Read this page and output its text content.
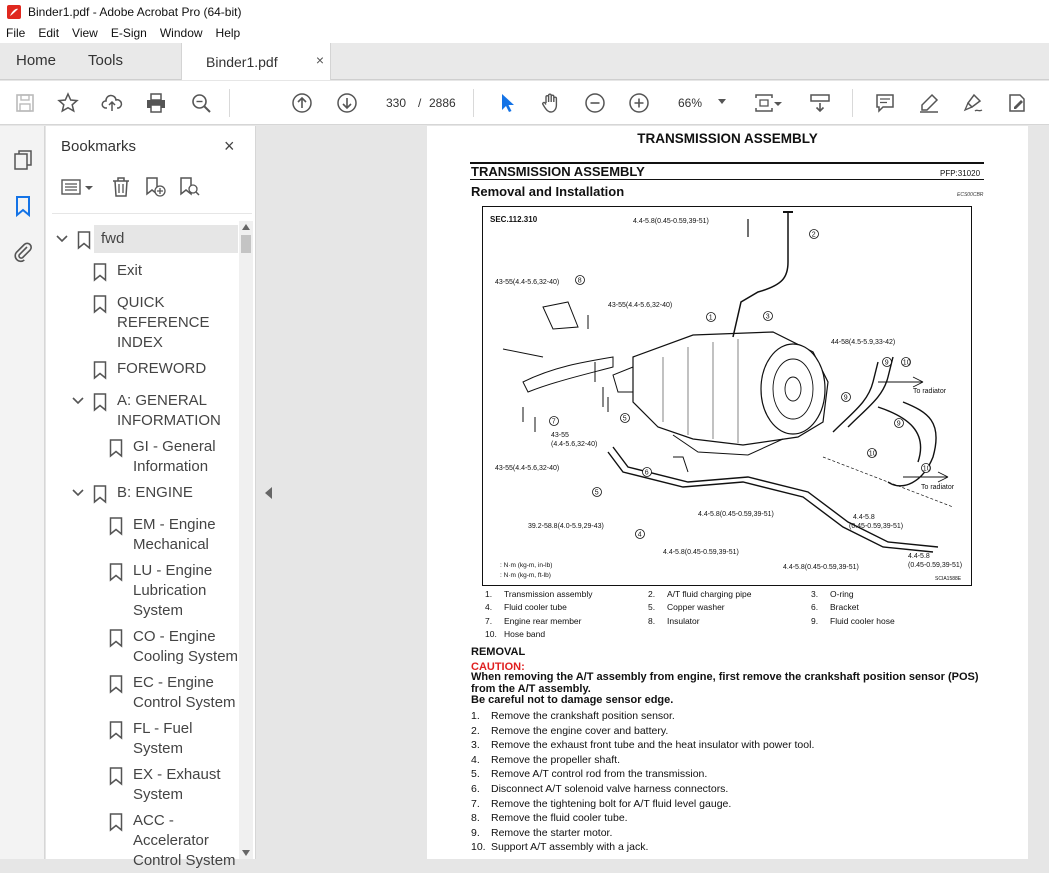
Binder1.pdf - Adobe Acrobat Pro (64-bit)
File Edit View E-Sign Window Help
Home Tools	Binder1.pdf	×
330 / 2886	66%
Bookmarks	×
fwd
Exit
QUICK REFERENCE INDEX
FOREWORD
A: GENERAL INFORMATION
GI - General Information
B: ENGINE
EM - Engine Mechanical
LU - Engine Lubrication System
CO - Engine Cooling System
EC - Engine Control System
FL - Fuel System
EX - Exhaust System
ACC - Accelerator Control System
TRANSMISSION ASSEMBLY
TRANSMISSION ASSEMBLY	PFP:31020
Removal and Installation	ECS00CBR
SEC.112.310	4.4-5.8(0.45-0.59,39-51)
43-55(4.4-5.6,32-40)
43-55(4.4-5.6,32-40)
44-58(4.5-5.9,33-42)
43-55
(4.4-5.6,32-40)
43-55(4.4-5.6,32-40)
39.2-58.8(4.0-5.9,29-43)
4.4-5.8(0.45-0.59,39-51)
4.4-5.8(0.45-0.59,39-51)
4.4-5.8
(0.45-0.59,39-51)
4.4-5.8
(0.45-0.59,39-51)
4.4-5.8(0.45-0.59,39-51)
To radiator
To radiator
: N·m (kg-m, in-lb)
: N·m (kg-m, ft-lb)	SCIA1588E
2
8
1	3
9 10
7	5
9
9
10
10
6
5
4
1. Transmission assembly	2. A/T fluid charging pipe	3. O-ring
4. Fluid cooler tube	5. Copper washer	6. Bracket
7. Engine rear member	8. Insulator	9. Fluid cooler hose
10. Hose band
REMOVAL
CAUTION:
When removing the A/T assembly from engine, first remove the crankshaft position sensor (POS) from the A/T assembly.
Be careful not to damage sensor edge.
1. Remove the crankshaft position sensor.
2. Remove the engine cover and battery.
3. Remove the exhaust front tube and the heat insulator with power tool.
4. Remove the propeller shaft.
5. Remove A/T control rod from the transmission.
6. Disconnect A/T solenoid valve harness connectors.
7. Remove the tightening bolt for A/T fluid level gauge.
8. Remove the fluid cooler tube.
9. Remove the starter motor.
10. Support A/T assembly with a jack.
